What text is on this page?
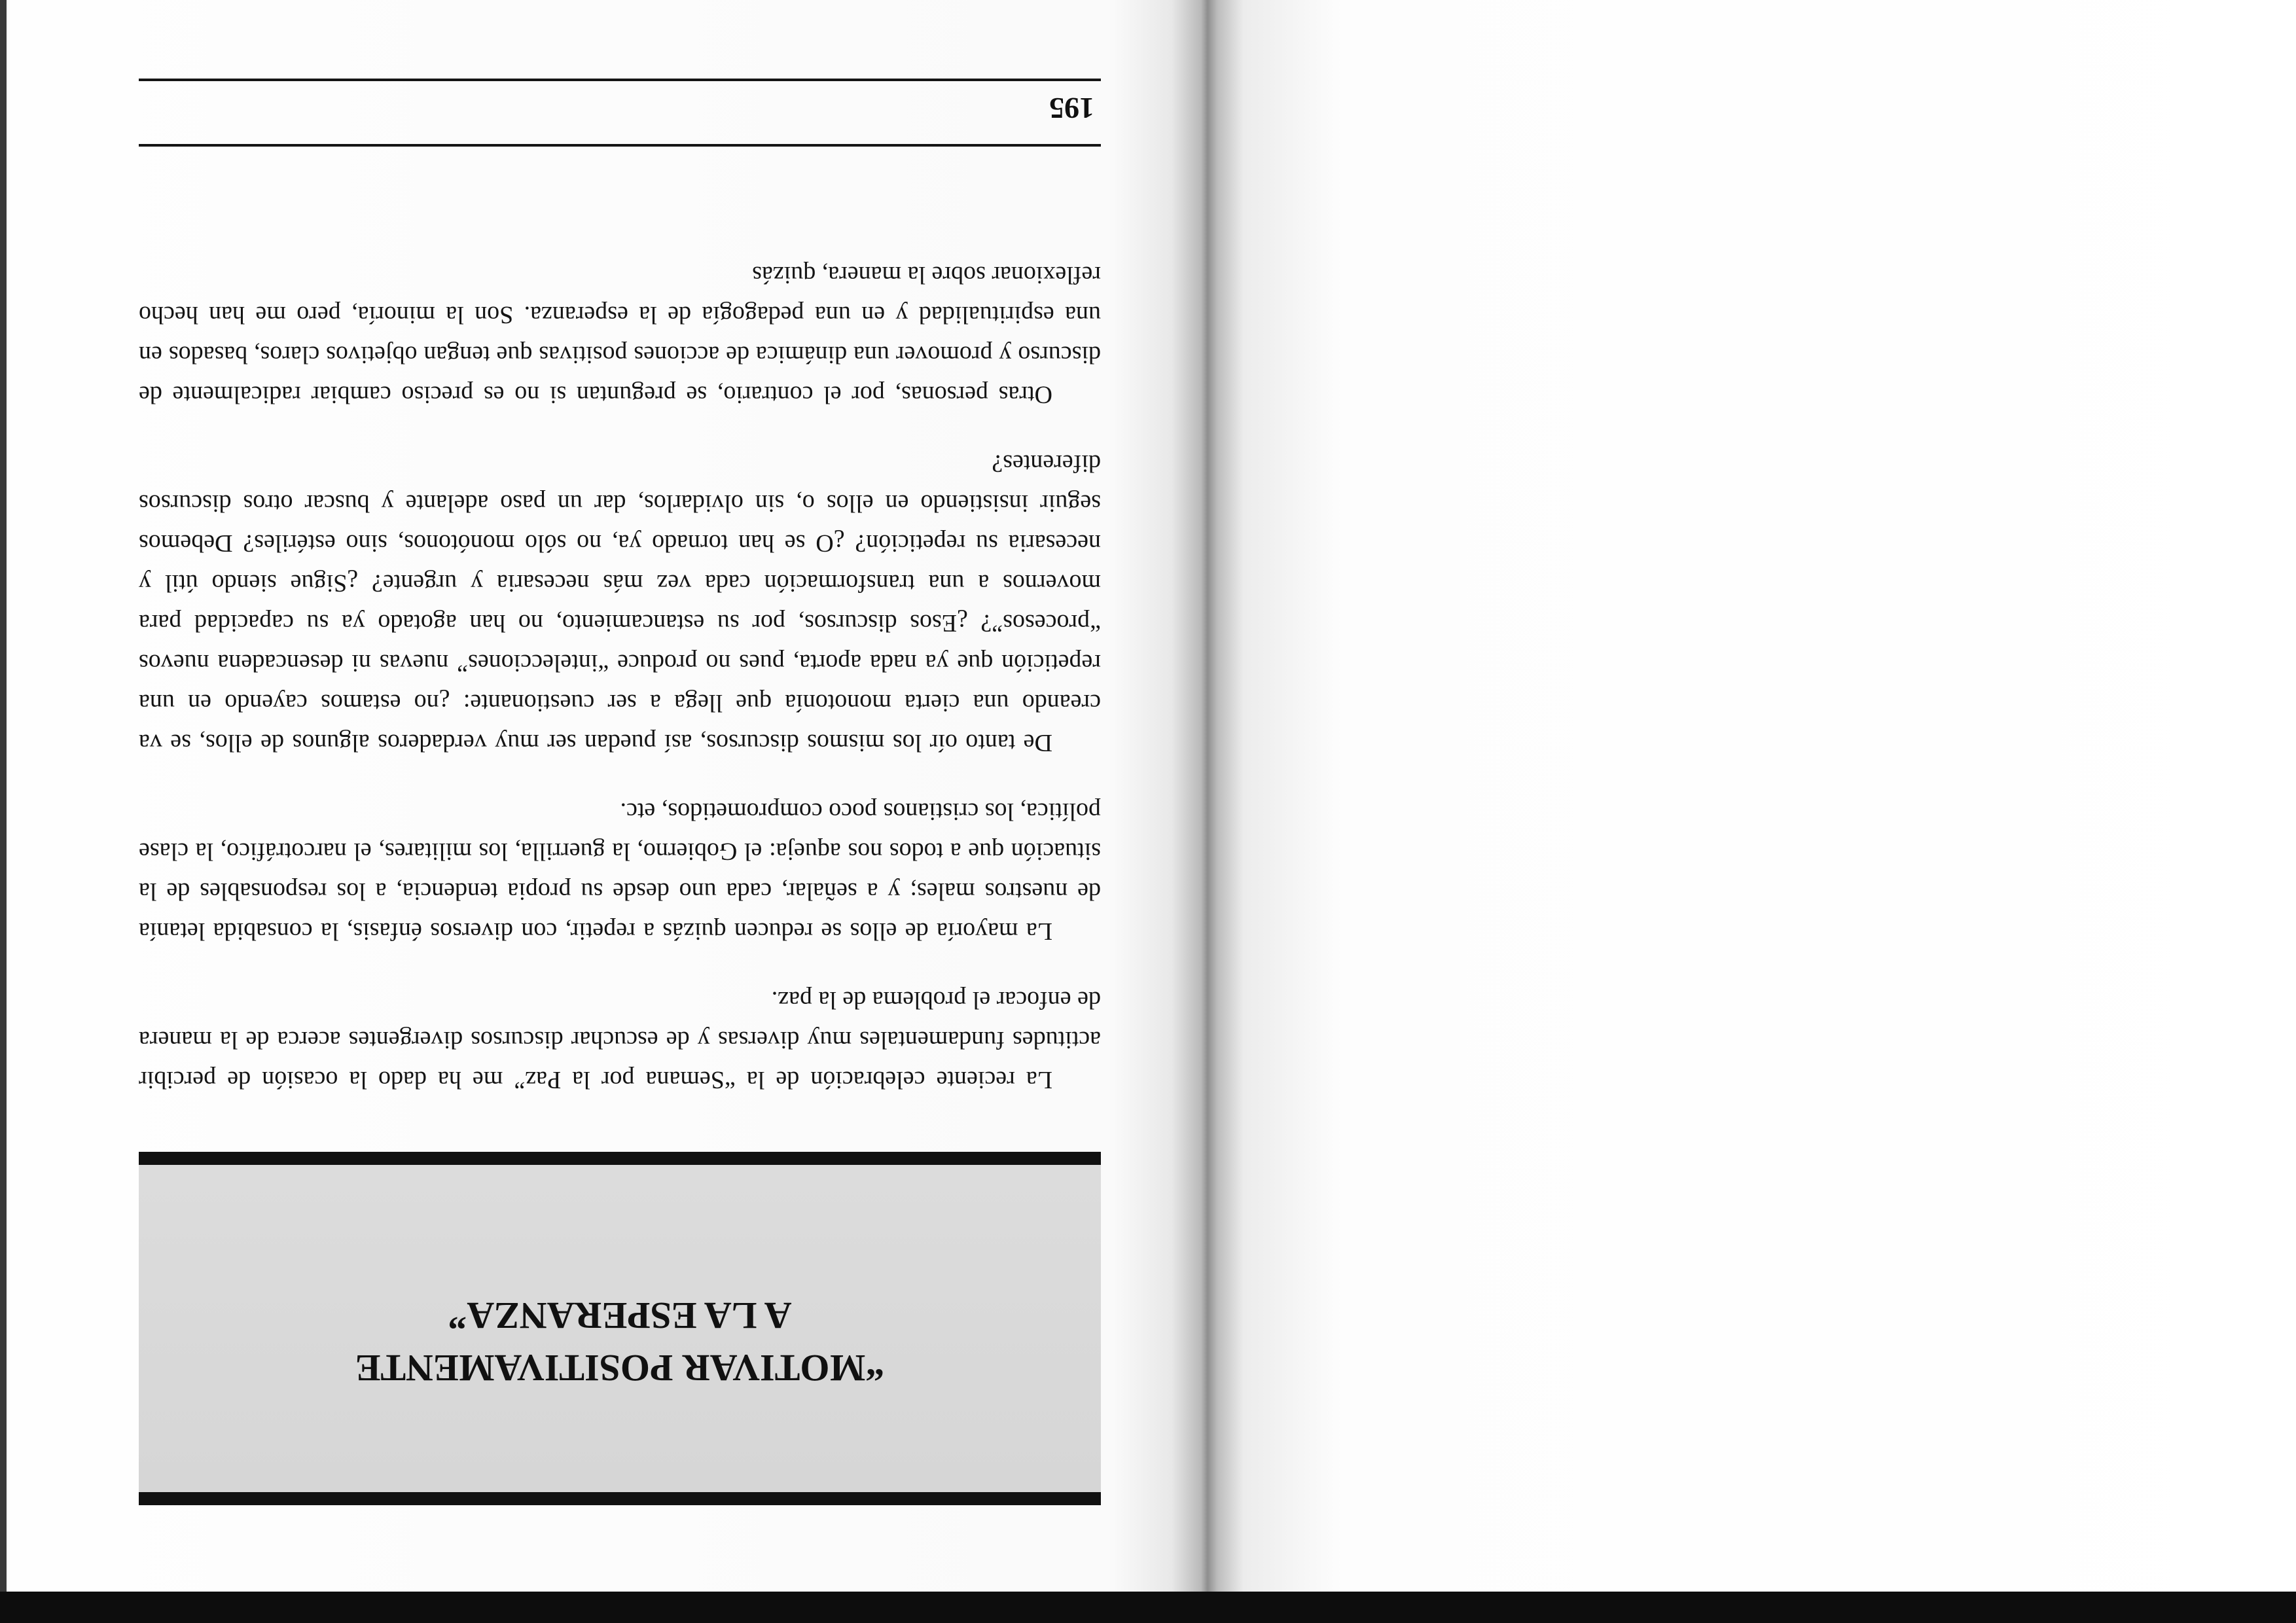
“MOTIVAR POSITIVAMENTE
A LA ESPERANZA”

La reciente celebración de la “Semana por la Paz” me ha dado la ocasión de percibir actitudes fundamentales muy diversas y de escuchar discursos divergentes acerca de la manera de enfocar el problema de la paz.

La mayoría de ellos se reducen quizás a repetir, con diversos énfasis, la consabida letanía de nuestros males; y a señalar, cada uno desde su propia tendencia, a los responsables de la situación que a todos nos aqueja: el Gobierno, la guerrilla, los militares, el narcotráfico, la clase política, los cristianos poco comprometidos, etc.

De tanto oír los mismos discursos, así puedan ser muy verdaderos algunos de ellos, se va creando una cierta monotonía que llega a ser cuestionante: ¿no estamos cayendo en una repetición que ya nada aporta, pues no produce “intelecciones” nuevas ni desencadena nuevos “procesos”? ¿Esos discursos, por su estancamiento, no han agotado ya su capacidad para movernos a una transformación cada vez más necesaria y urgente? ¿Sigue siendo útil y necesaria su repetición? ¿O se han tornado ya, no sólo monótonos, sino estériles? Debemos seguir insistiendo en ellos o, sin olvidarlos, dar un paso adelante y buscar otros discursos diferentes?

Otras personas, por el contrario, se preguntan si no es preciso cambiar radicalmente de discurso y promover una dinámica de acciones positivas que tengan objetivos claros, basados en una espiritualidad y en una pedagogía de la esperanza. Son la minoría, pero me han hecho reflexionar sobre la manera, quizás

195
